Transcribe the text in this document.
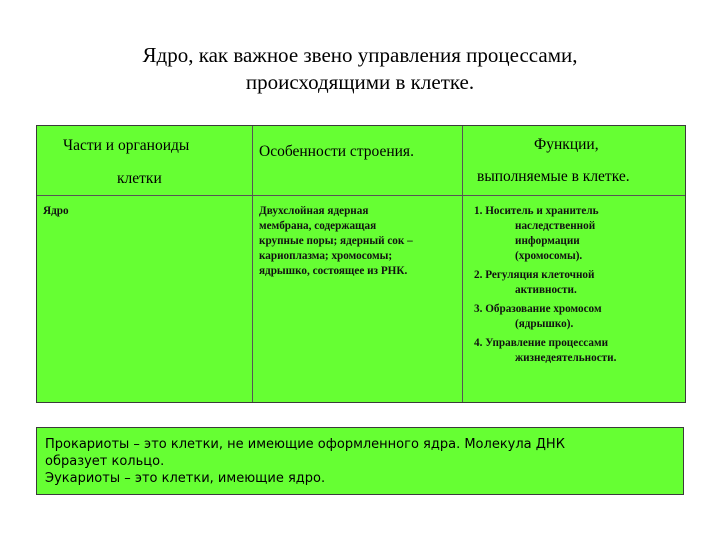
Ядро, как важное звено управления процессами,
происходящими в клетке.
Части и органоиды
клетки
Особенности строения.	Функции,
выполняемые в клетке.
Ядро	Двухслойная ядерная
мембрана, содержащая
крупные поры; ядерный сок –
кариоплазма; хромосомы;
ядрышко, состоящее из РНК.
1. Носитель и хранитель
наследственной
информации
(хромосомы).
2. Регуляция клеточной
активности.
3. Образование хромосом
(ядрышко).
4. Управление процессами
жизнедеятельности.
Прокариоты – это клетки, не имеющие оформленного ядра. Молекула ДНК
образует кольцо.
Эукариоты – это клетки, имеющие ядро.
